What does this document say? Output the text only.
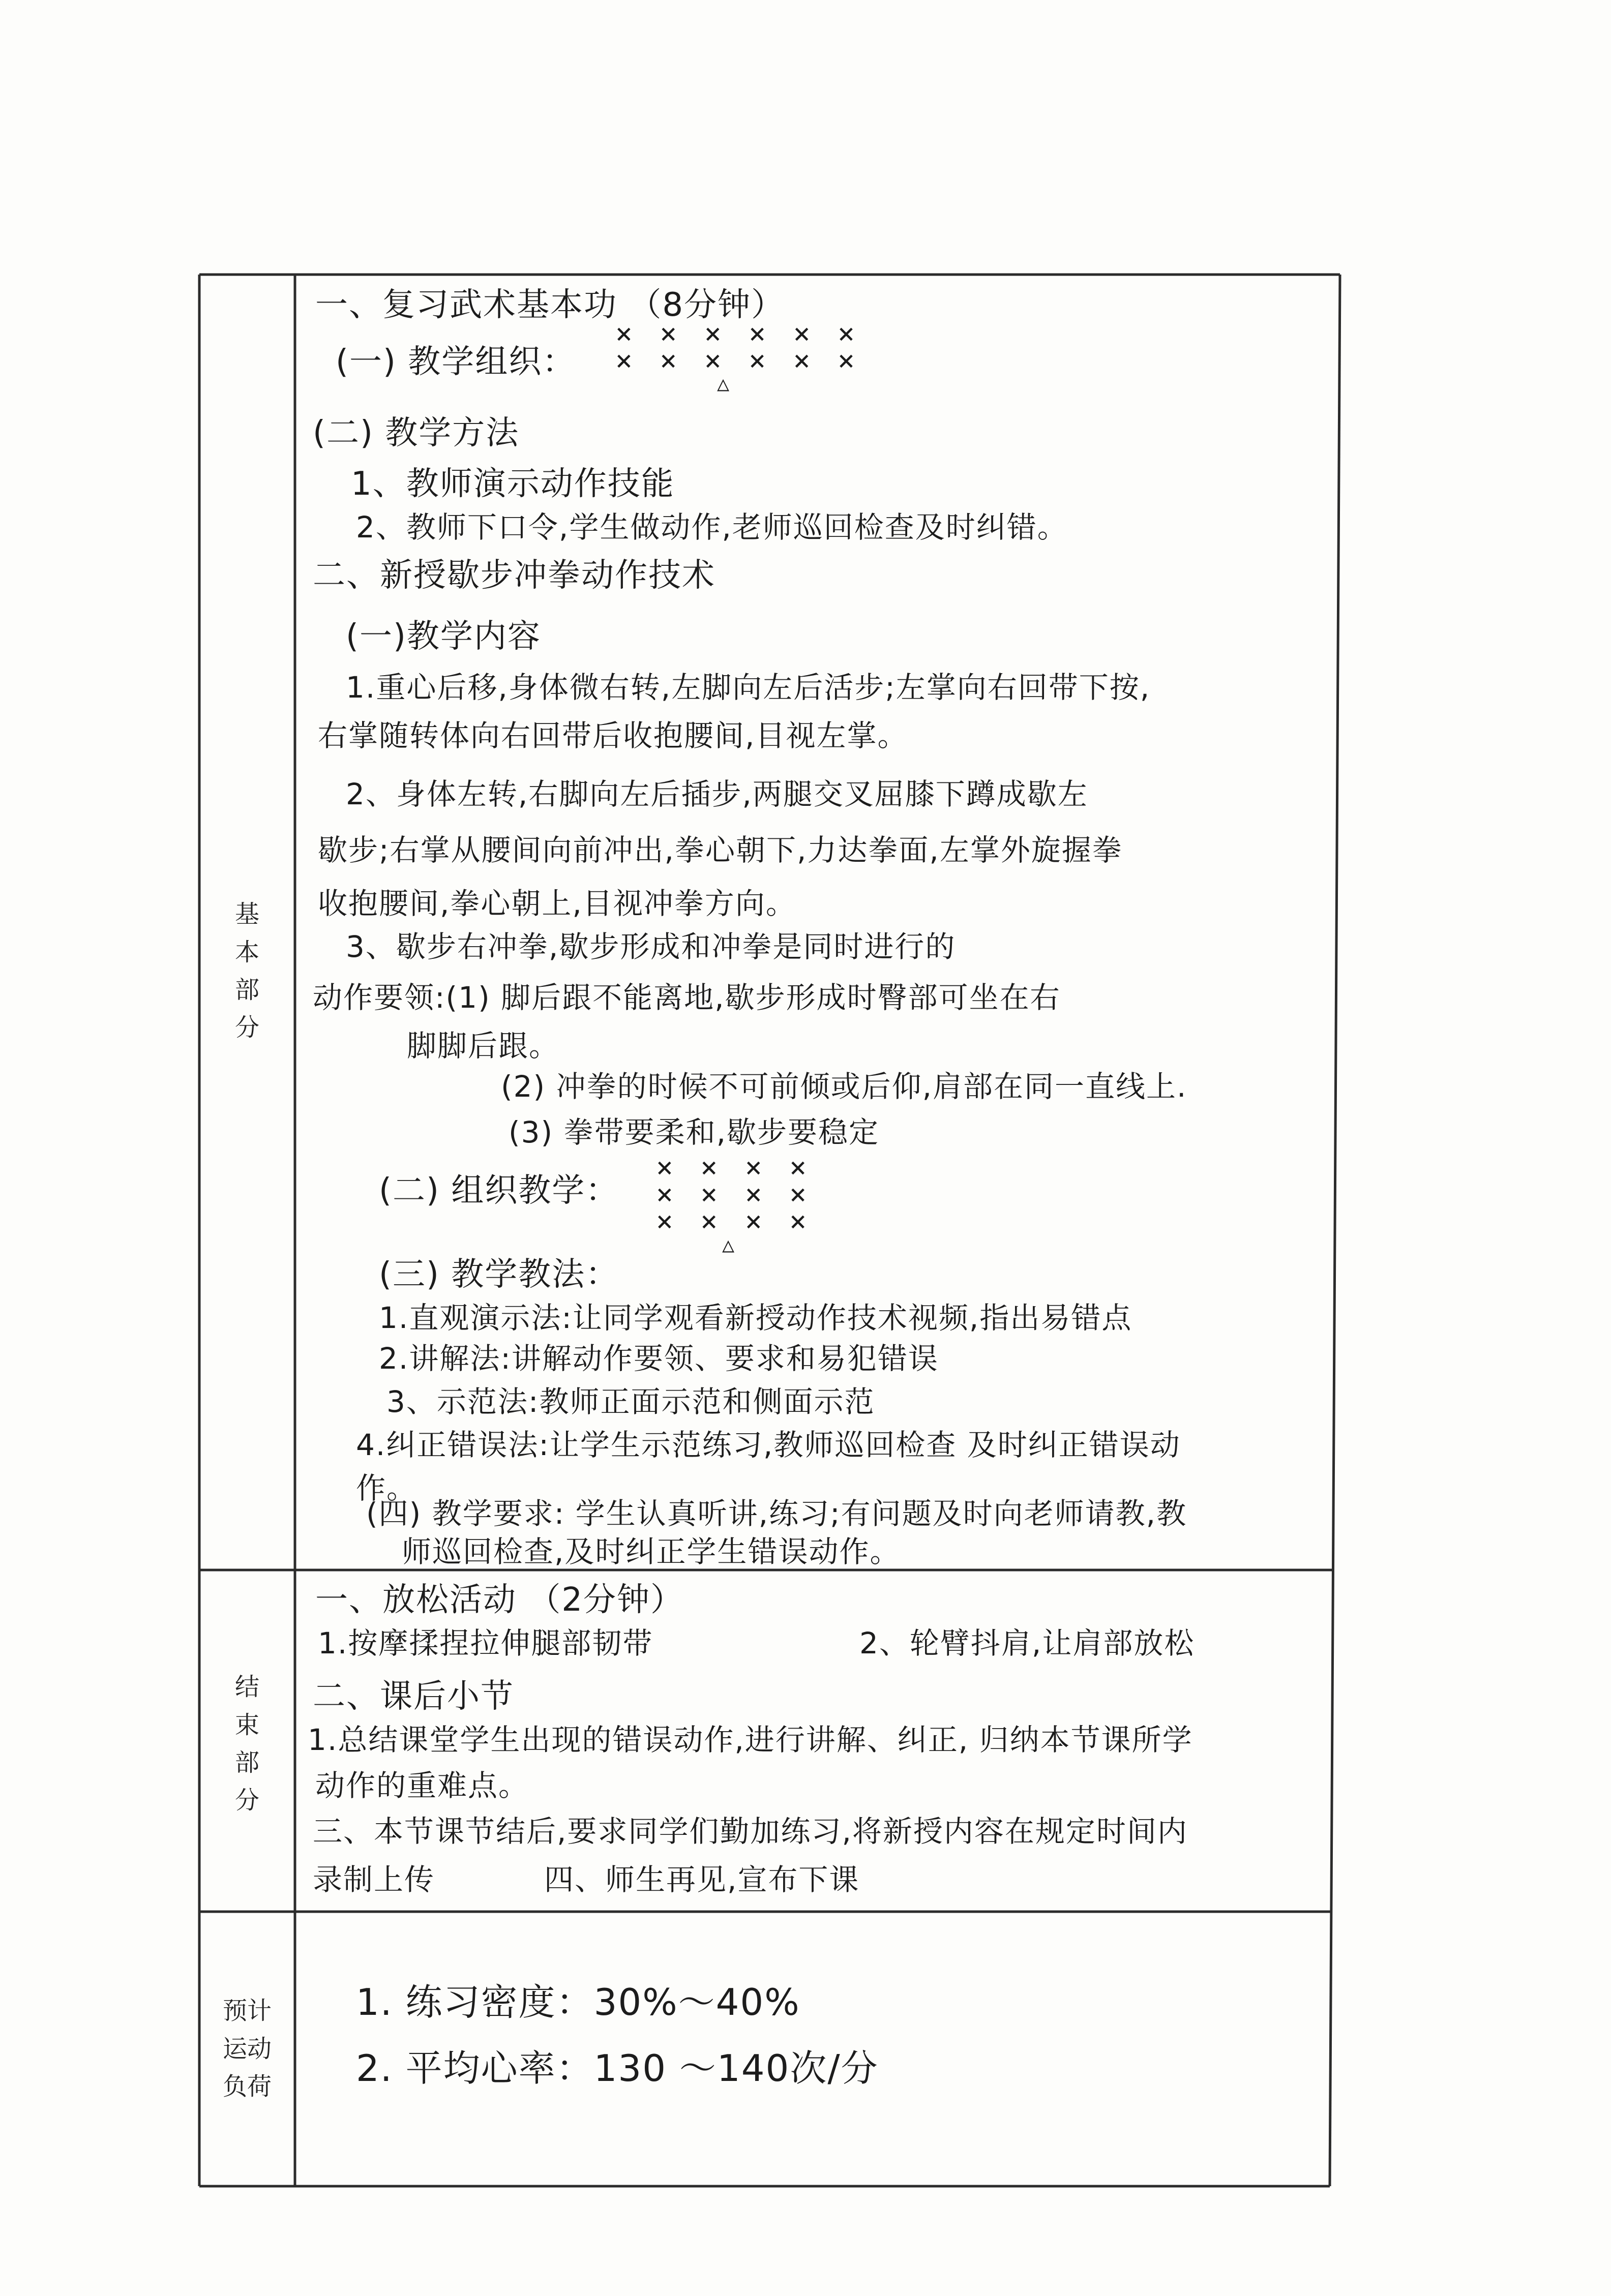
基
本
部
分
结
束
部
分
预计
运动
负荷

一、复习武术基本功 （8分钟）

(一) 教学组织：

× × × × × ×
× × × × × ×
△

(二) 教学方法

1、教师演示动作技能

2、教师下口令,学生做动作,老师巡回检查及时纠错。

二、新授歇步冲拳动作技术

(一)教学内容

1.重心后移,身体微右转,左脚向左后活步;左掌向右回带下按,

右掌随转体向右回带后收抱腰间,目视左掌。

2、身体左转,右脚向左后插步,两腿交叉屈膝下蹲成歇左

歇步;右掌从腰间向前冲出,拳心朝下,力达拳面,左掌外旋握拳

收抱腰间,拳心朝上,目视冲拳方向。

3、歇步右冲拳,歇步形成和冲拳是同时进行的

动作要领:(1) 脚后跟不能离地,歇步形成时臀部可坐在右

脚脚后跟。

(2) 冲拳的时候不可前倾或后仰,肩部在同一直线上.

(3) 拳带要柔和,歇步要稳定

(二) 组织教学：

× × × ×
× × × ×
× × × ×
△

(三) 教学教法：

1.直观演示法:让同学观看新授动作技术视频,指出易错点

2.讲解法:讲解动作要领、要求和易犯错误

3、示范法:教师正面示范和侧面示范

4.纠正错误法:让学生示范练习,教师巡回检查 及时纠正错误动

作。

(四) 教学要求: 学生认真听讲,练习;有问题及时向老师请教,教

师巡回检查,及时纠正学生错误动作。

一、放松活动 （2分钟）

1.按摩揉捏拉伸腿部韧带	2、轮臂抖肩,让肩部放松

二、课后小节

1.总结课堂学生出现的错误动作,进行讲解、纠正, 归纳本节课所学

动作的重难点。

三、本节课节结后,要求同学们勤加练习,将新授内容在规定时间内

录制上传	四、师生再见,宣布下课

1. 练习密度：30%～40%

2. 平均心率：130 ～140次/分
